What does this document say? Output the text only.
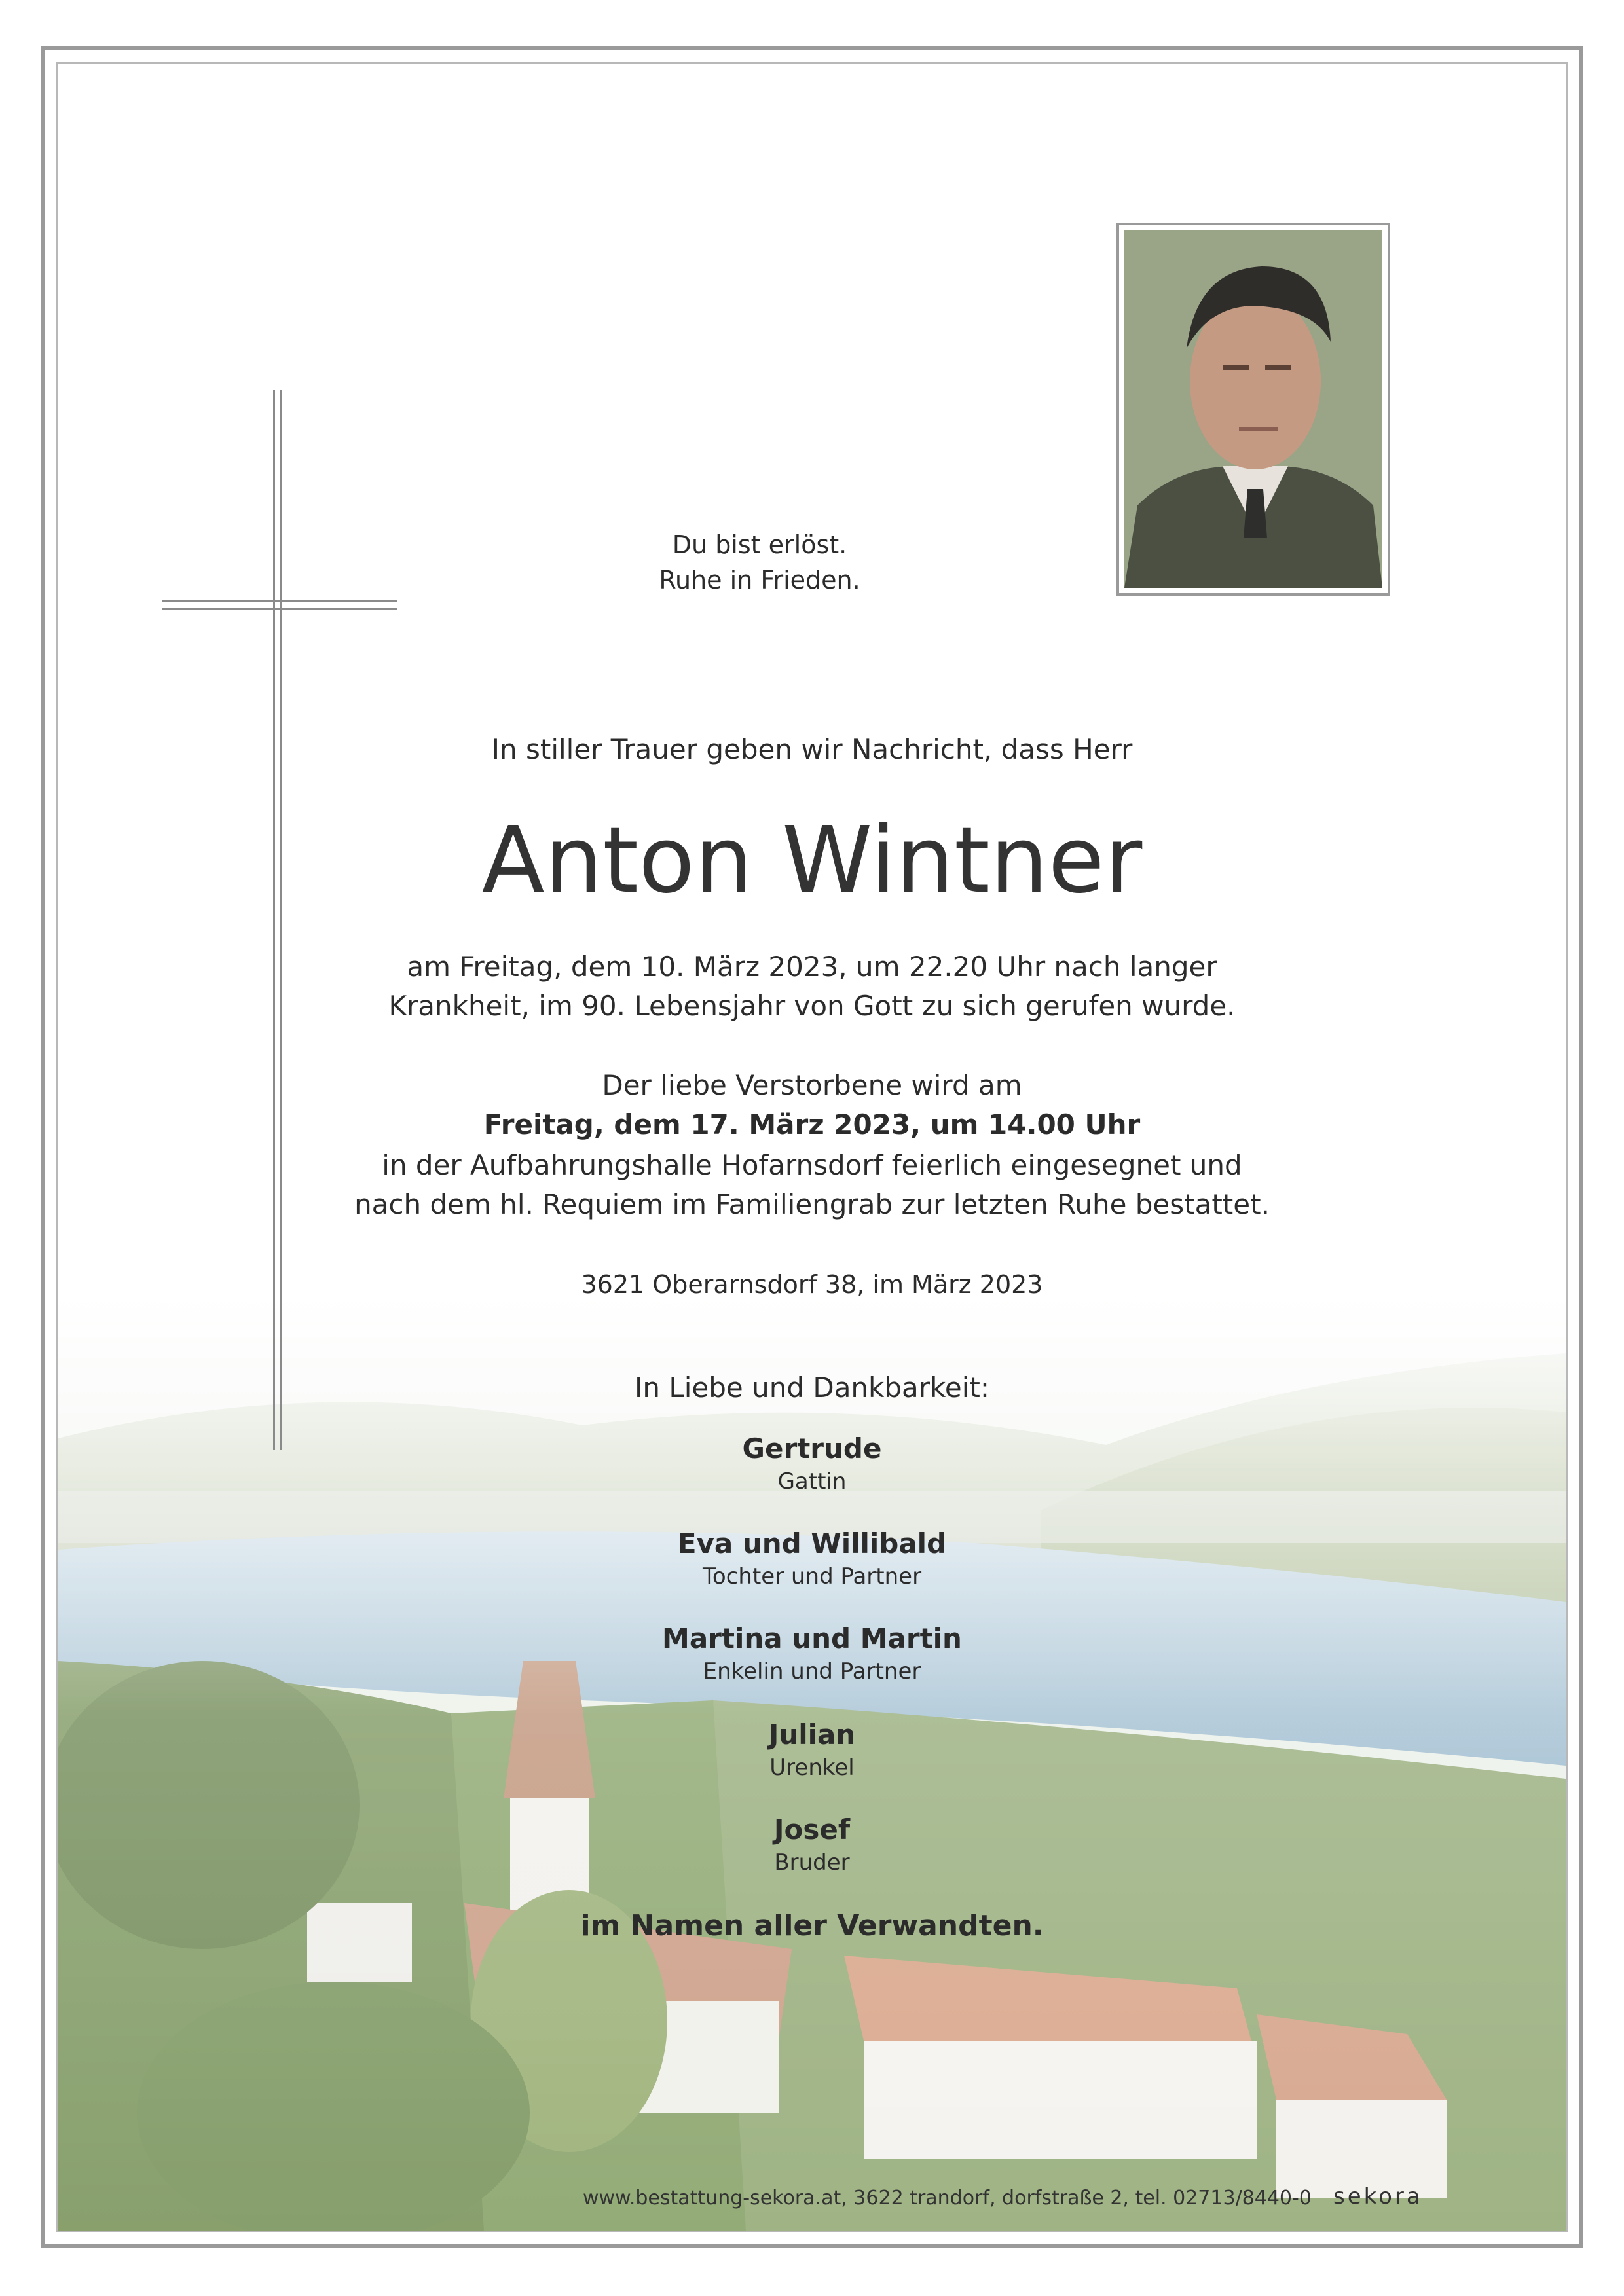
Du bist erlöst.
Ruhe in Frieden.
In stiller Trauer geben wir Nachricht, dass Herr
Anton Wintner
am Freitag, dem 10. März 2023, um 22.20 Uhr nach langer
Krankheit, im 90. Lebensjahr von Gott zu sich gerufen wurde.
Der liebe Verstorbene wird am
Freitag, dem 17. März 2023, um 14.00 Uhr
in der Aufbahrungshalle Hofarnsdorf feierlich eingesegnet und
nach dem hl. Requiem im Familiengrab zur letzten Ruhe bestattet.
3621 Oberarnsdorf 38, im März 2023
In Liebe und Dankbarkeit:
Gertrude
Gattin
Eva und Willibald
Tochter und Partner
Martina und Martin
Enkelin und Partner
Julian
Urenkel
Josef
Bruder
im Namen aller Verwandten.
www.bestattung-sekora.at, 3622 trandorf, dorfstraße 2, tel. 02713/8440-0 sekora
